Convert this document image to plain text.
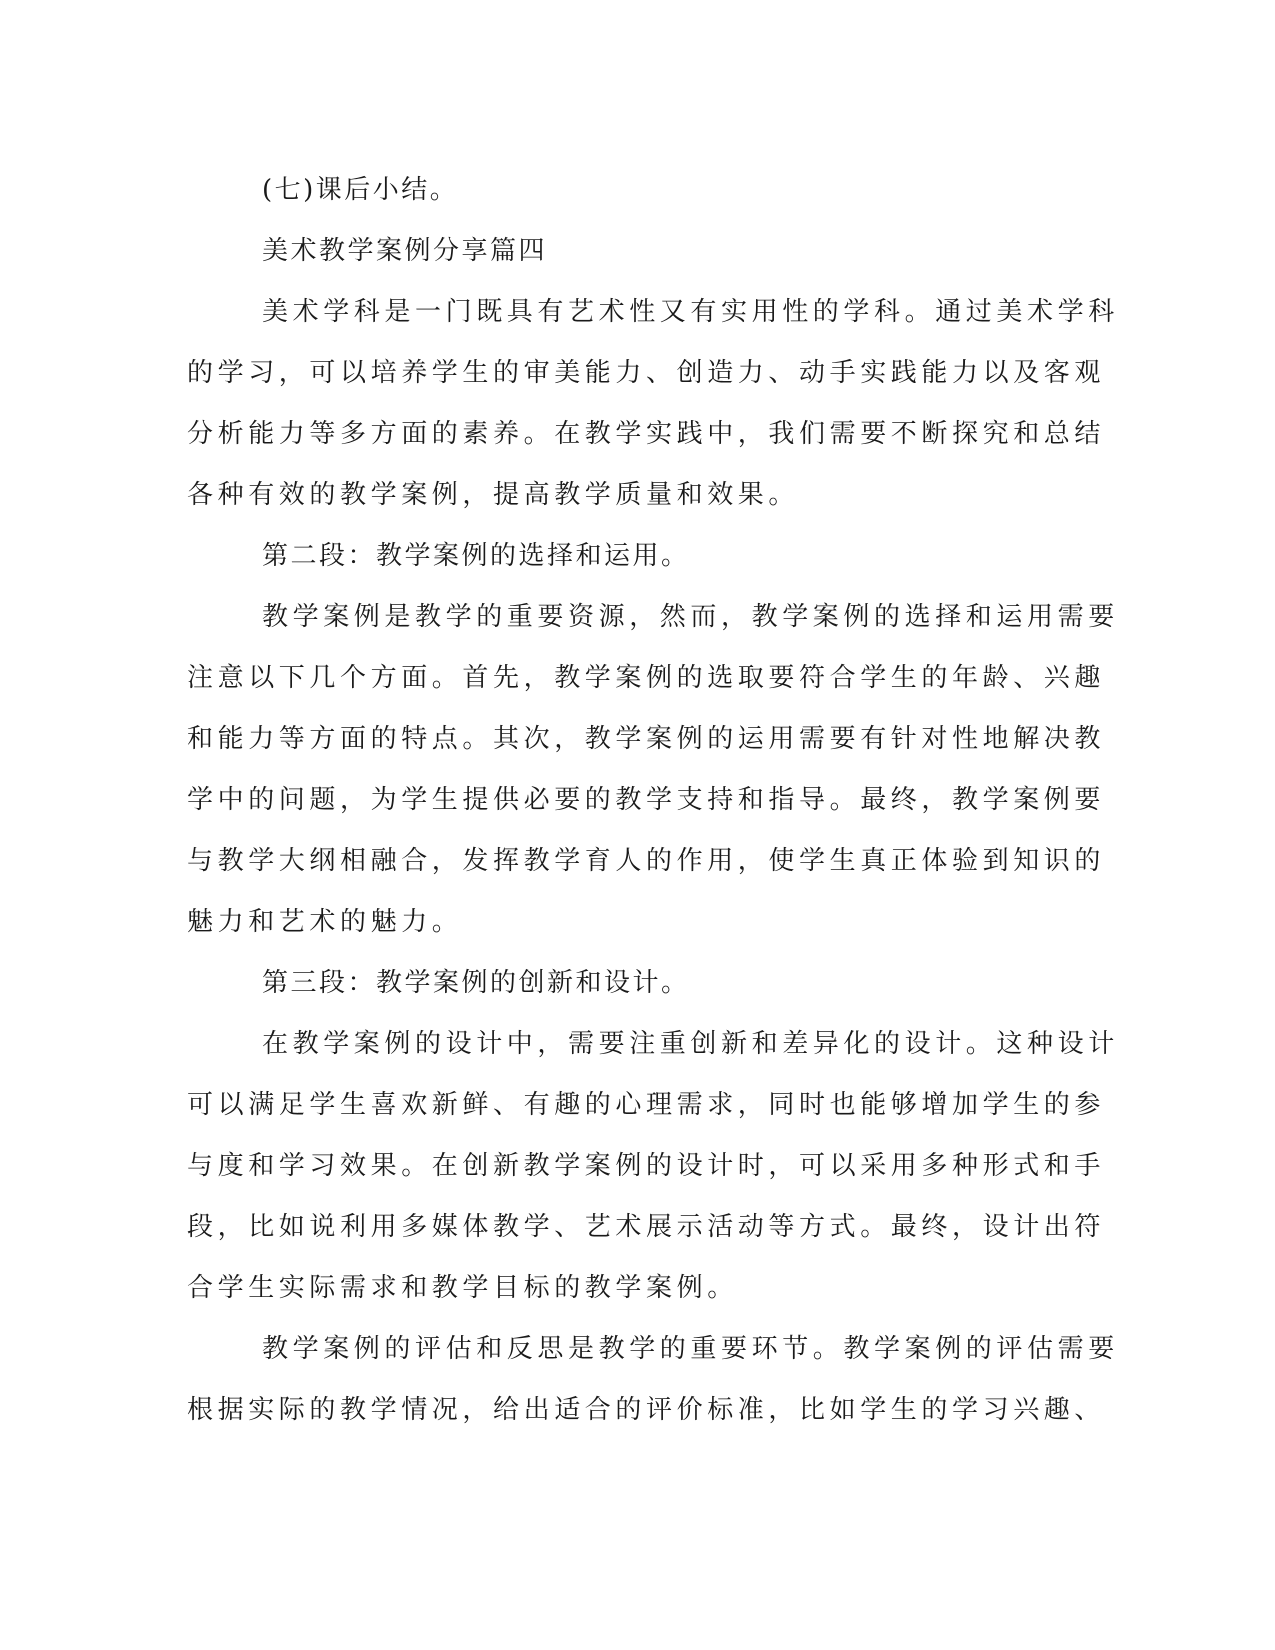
(七)课后小结。
美术教学案例分享篇四
美术学科是一门既具有艺术性又有实用性的学科。通过美术学科
的学习，可以培养学生的审美能力、创造力、动手实践能力以及客观
分析能力等多方面的素养。在教学实践中，我们需要不断探究和总结
各种有效的教学案例，提高教学质量和效果。
第二段：教学案例的选择和运用。
教学案例是教学的重要资源，然而，教学案例的选择和运用需要
注意以下几个方面。首先，教学案例的选取要符合学生的年龄、兴趣
和能力等方面的特点。其次，教学案例的运用需要有针对性地解决教
学中的问题，为学生提供必要的教学支持和指导。最终，教学案例要
与教学大纲相融合，发挥教学育人的作用，使学生真正体验到知识的
魅力和艺术的魅力。
第三段：教学案例的创新和设计。
在教学案例的设计中，需要注重创新和差异化的设计。这种设计
可以满足学生喜欢新鲜、有趣的心理需求，同时也能够增加学生的参
与度和学习效果。在创新教学案例的设计时，可以采用多种形式和手
段，比如说利用多媒体教学、艺术展示活动等方式。最终，设计出符
合学生实际需求和教学目标的教学案例。
教学案例的评估和反思是教学的重要环节。教学案例的评估需要
根据实际的教学情况，给出适合的评价标准，比如学生的学习兴趣、
